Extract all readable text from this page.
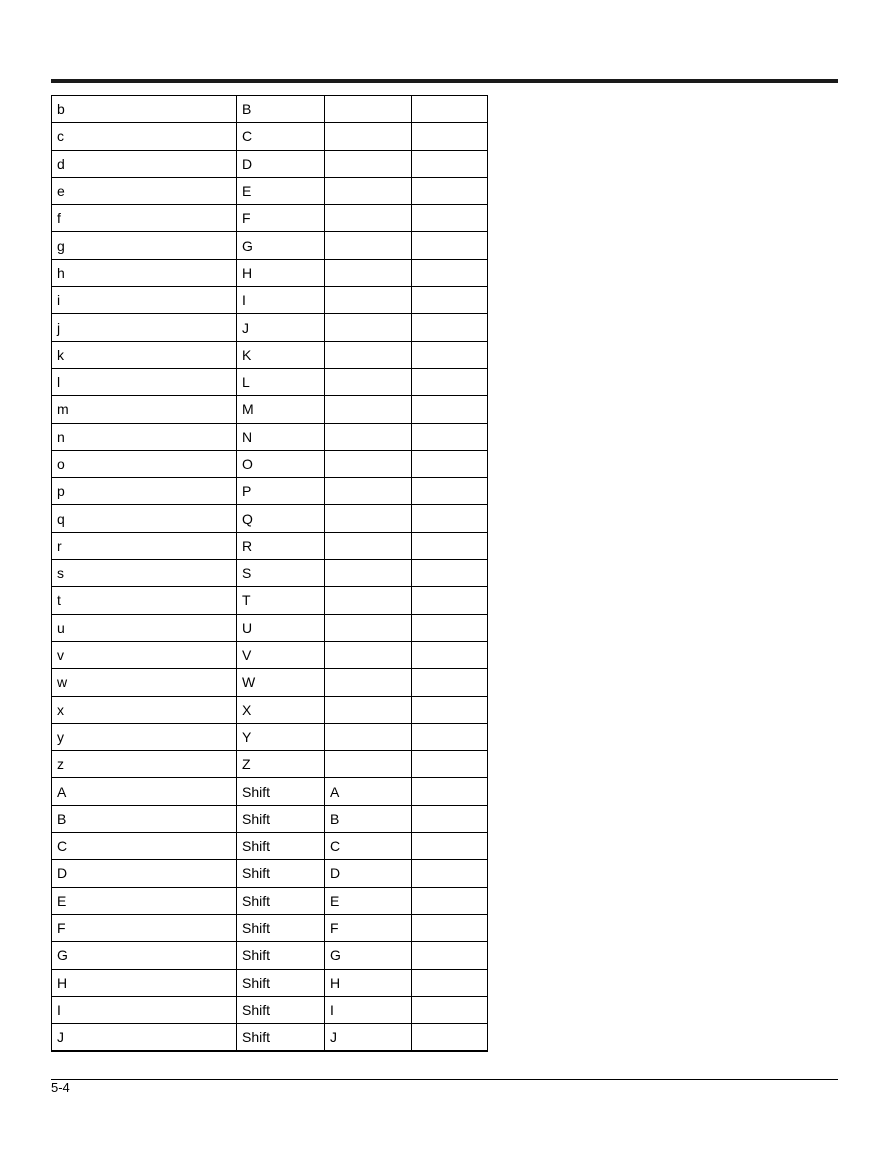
b	B		
c	C		
d	D		
e	E		
f	F		
g	G		
h	H		
i	I		
j	J		
k	K		
l	L		
m	M		
n	N		
o	O		
p	P		
q	Q		
r	R		
s	S		
t	T		
u	U		
v	V		
w	W		
x	X		
y	Y		
z	Z		
A	Shift	A	
B	Shift	B	
C	Shift	C	
D	Shift	D	
E	Shift	E	
F	Shift	F	
G	Shift	G	
H	Shift	H	
I	Shift	I	
J	Shift	J	
5-4
